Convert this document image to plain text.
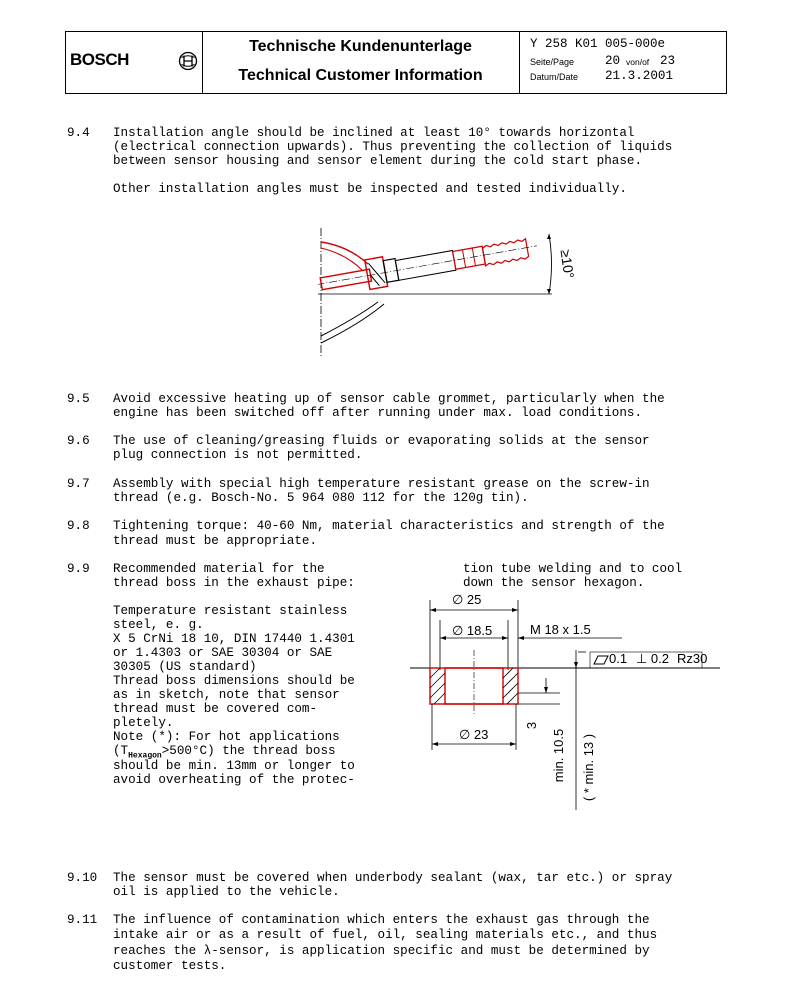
BOSCH
Technische Kundenunterlage
Technical Customer Information
Y 258 K01 005-000e
Seite/Page 20 von/of 23
Datum/Date 21.3.2001
9.4 Installation angle should be inclined at least 10° towards horizontal
(electrical connection upwards). Thus preventing the collection of liquids
between sensor housing and sensor element during the cold start phase.
Other installation angles must be inspected and tested individually.
≥10°
9.5 Avoid excessive heating up of sensor cable grommet, particularly when the
engine has been switched off after running under max. load conditions.
9.6 The use of cleaning/greasing fluids or evaporating solids at the sensor
plug connection is not permitted.
9.7 Assembly with special high temperature resistant grease on the screw-in
thread (e.g. Bosch-No. 5 964 080 112 for the 120g tin).
9.8 Tightening torque: 40-60 Nm, material characteristics and strength of the
thread must be appropriate.
9.9 Recommended material for the
thread boss in the exhaust pipe:
Temperature resistant stainless
steel, e. g.
X 5 CrNi 18 10, DIN 17440 1.4301
or 1.4303 or SAE 30304 or SAE
30305 (US standard)
Thread boss dimensions should be
as in sketch, note that sensor
thread must be covered com-
pletely.
Note (*): For hot applications
$(T_{Hexagon}>500^\circ C)$ the thread boss
should be min. 13mm or longer to
avoid overheating of the protec-
tion tube welding and to cool
down the sensor hexagon.
∅ 25
∅ 18.5	M 18 x 1.5
0.1 ⊥ 0.2 Rz30
∅ 23
3
min. 10.5 ( * min. 13 )
9.10 The sensor must be covered when underbody sealant (wax, tar etc.) or spray
oil is applied to the vehicle.
9.11 The influence of contamination which enters the exhaust gas through the
intake air or as a result of fuel, oil, sealing materials etc., and thus
reaches the λ-sensor, is application specific and must be determined by
customer tests.
